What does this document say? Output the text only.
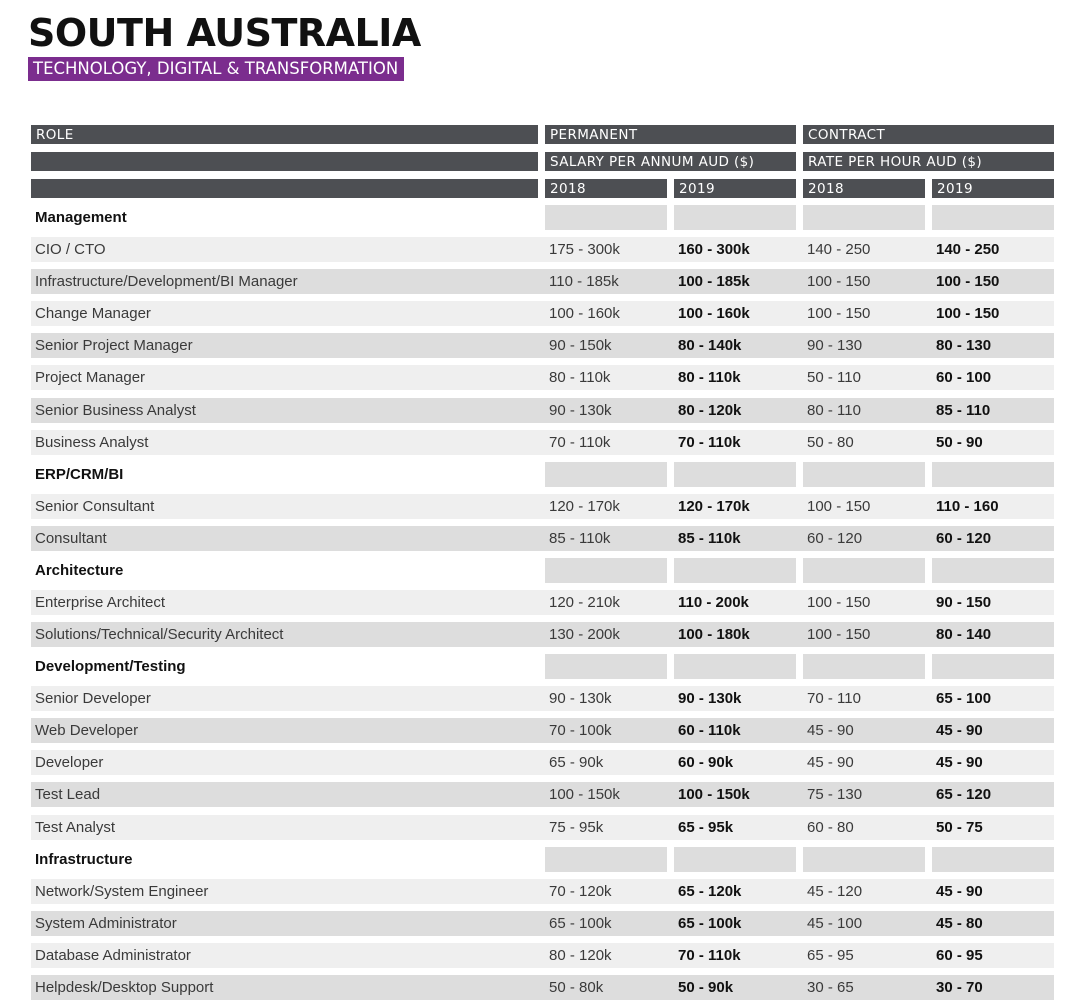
SOUTH AUSTRALIA
TECHNOLOGY, DIGITAL & TRANSFORMATION
ROLE	PERMANENT	CONTRACT
SALARY PER ANNUM AUD ($)	RATE PER HOUR AUD ($)
2018	2019	2018	2019
Management
CIO / CTO	175 - 300k	160 - 300k	140 - 250	140 - 250
Infrastructure/Development/BI Manager	110 - 185k	100 - 185k	100 - 150	100 - 150
Change Manager	100 - 160k	100 - 160k	100 - 150	100 - 150
Senior Project Manager	90 - 150k	80 - 140k	90 - 130	80 - 130
Project Manager	80 - 110k	80 - 110k	50 - 110	60 - 100
Senior Business Analyst	90 - 130k	80 - 120k	80 - 110	85 - 110
Business Analyst	70 - 110k	70 - 110k	50 - 80	50 - 90
ERP/CRM/BI
Senior Consultant	120 - 170k	120 - 170k	100 - 150	110 - 160
Consultant	85 - 110k	85 - 110k	60 - 120	60 - 120
Architecture
Enterprise Architect	120 - 210k	110 - 200k	100 - 150	90 - 150
Solutions/Technical/Security Architect	130 - 200k	100 - 180k	100 - 150	80 - 140
Development/Testing
Senior Developer	90 - 130k	90 - 130k	70 - 110	65 - 100
Web Developer	70 - 100k	60 - 110k	45 - 90	45 - 90
Developer	65 - 90k	60 - 90k	45 - 90	45 - 90
Test Lead	100 - 150k	100 - 150k	75 - 130	65 - 120
Test Analyst	75 - 95k	65 - 95k	60 - 80	50 - 75
Infrastructure
Network/System Engineer	70 - 120k	65 - 120k	45 - 120	45 - 90
System Administrator	65 - 100k	65 - 100k	45 - 100	45 - 80
Database Administrator	80 - 120k	70 - 110k	65 - 95	60 - 95
Helpdesk/Desktop Support	50 - 80k	50 - 90k	30 - 65	30 - 70
